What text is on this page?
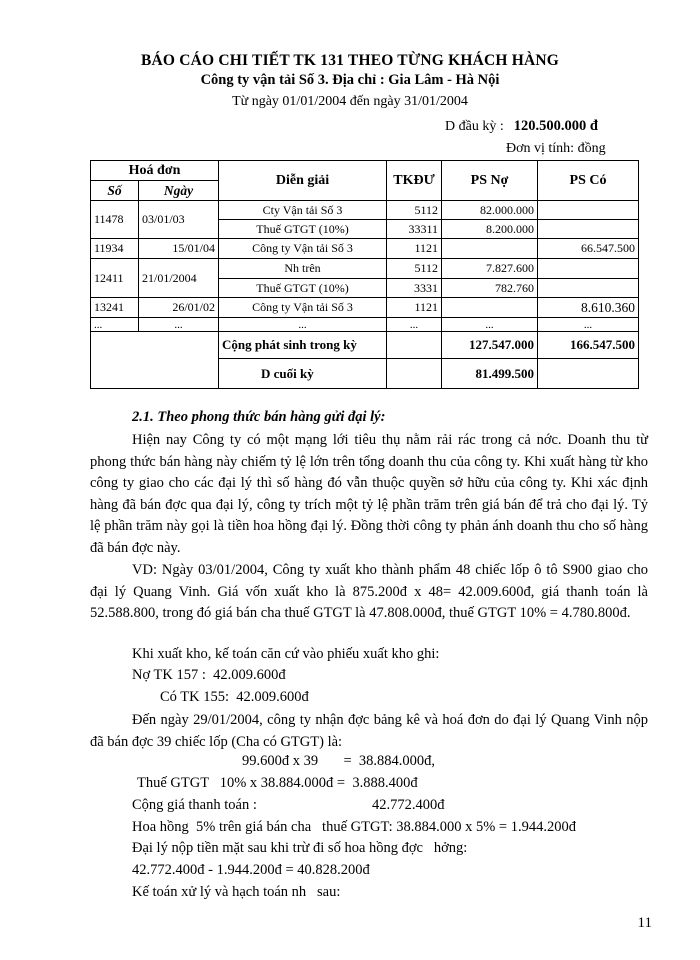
BÁO CÁO CHI TIẾT TK 131 THEO TỪNG KHÁCH HÀNG
Công ty vận tải Số 3. Địa chỉ : Gia Lâm - Hà Nội
Từ ngày 01/01/2004 đến ngày 31/01/2004
D đầu kỳ : 120.500.000 đ
Đơn vị tính: đồng
Hoá đơn		Diễn giải	TKĐƯ	PS Nợ	PS Có
Số	Ngày				
11478	03/01/03	Cty Vận tải Số 3	5112	82.000.000	
		Thuế GTGT (10%)	33311	8.200.000	
11934	15/01/04	Công ty Vận tải Số 3	1121		66.547.500
12411	21/01/2004	Nh trên	5112	7.827.600	
		Thuế GTGT (10%)	3331	782.760	
13241	26/01/02	Công ty Vận tải Số 3	1121		8.610.360
...	...	...	...	...	...
		Cộng phát sinh trong kỳ		127.547.000	166.547.500
		D cuối kỳ		81.499.500	
2.1. Theo phong thức bán hàng gửi đại lý:

Hiện nay Công ty có một mạng lới tiêu thụ nằm rải rác trong cả nớc. Doanh thu từ phong thức bán hàng này chiếm tỷ lệ lớn trên tổng doanh thu của công ty. Khi xuất hàng từ kho công ty giao cho các đại lý thì số hàng đó vẫn thuộc quyền sở hữu của công ty. Khi xác định hàng đã bán đợc qua đại lý, công ty trích một tỷ lệ phần trăm trên giá bán để trả cho đại lý. Tỷ lệ phần trăm này gọi là tiền hoa hồng đại lý. Đồng thời công ty phản ánh doanh thu cho số hàng đã bán đợc này.

VD: Ngày 03/01/2004, Công ty xuất kho thành phẩm 48 chiếc lốp ô tô S900 giao cho đại lý Quang Vinh. Giá vốn xuất kho là 875.200đ x 48= 42.009.600đ, giá thanh toán là 52.588.800, trong đó giá bán cha thuế GTGT là 47.808.000đ, thuế GTGT 10% = 4.780.800đ.

Khi xuất kho, kế toán căn cứ vào phiếu xuất kho ghi:
Nợ TK 157 :  42.009.600đ
Có TK 155:  42.009.600đ

Đến ngày 29/01/2004, công ty nhận đợc bảng kê và hoá đơn do đại lý Quang Vinh nộp đã bán đợc 39 chiếc lốp (Cha có GTGT) là:

99.600đ x 39       =  38.884.000đ,
Thuế GTGT   10% x 38.884.000đ =  3.888.400đ
Cộng giá thanh toán :	42.772.400đ
Hoa hồng  5% trên giá bán cha   thuế GTGT: 38.884.000 x 5% = 1.944.200đ
Đại lý nộp tiền mặt sau khi trừ đi số hoa hồng đợc   hởng:
42.772.400đ - 1.944.200đ = 40.828.200đ
Kế toán xử lý và hạch toán nh   sau:
11
